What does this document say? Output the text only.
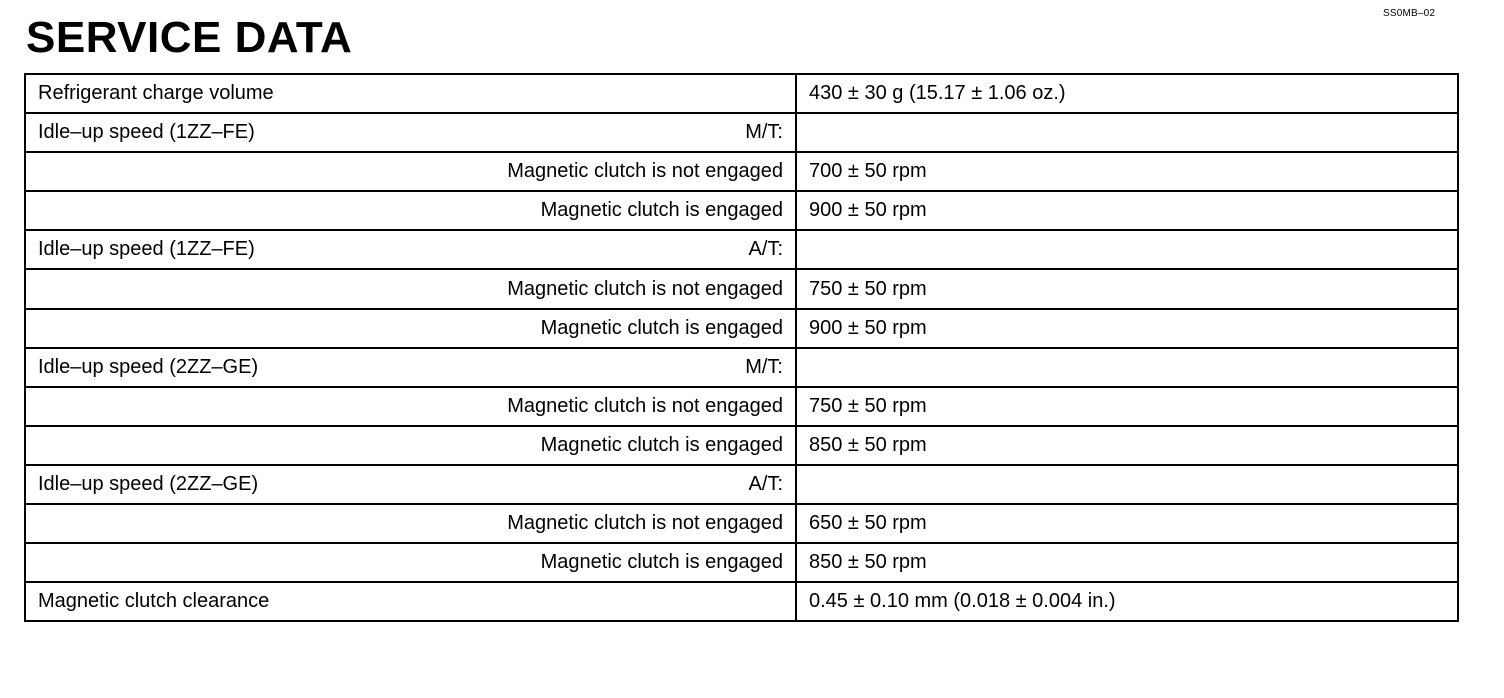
SS0MB–02
SERVICE DATA
Refrigerant charge volume	430 ± 30 g (15.17 ± 1.06 oz.)

Idle–up speed (1ZZ–FE) M/T:	

Magnetic clutch is not engaged	700 ± 50 rpm
Magnetic clutch is engaged	900 ± 50 rpm

Idle–up speed (1ZZ–FE) A/T:	

Magnetic clutch is not engaged	750 ± 50 rpm
Magnetic clutch is engaged	900 ± 50 rpm

Idle–up speed (2ZZ–GE) M/T:	

Magnetic clutch is not engaged	750 ± 50 rpm
Magnetic clutch is engaged	850 ± 50 rpm

Idle–up speed (2ZZ–GE) A/T:	

Magnetic clutch is not engaged	650 ± 50 rpm
Magnetic clutch is engaged	850 ± 50 rpm
Magnetic clutch clearance	0.45 ± 0.10 mm (0.018 ± 0.004 in.)
